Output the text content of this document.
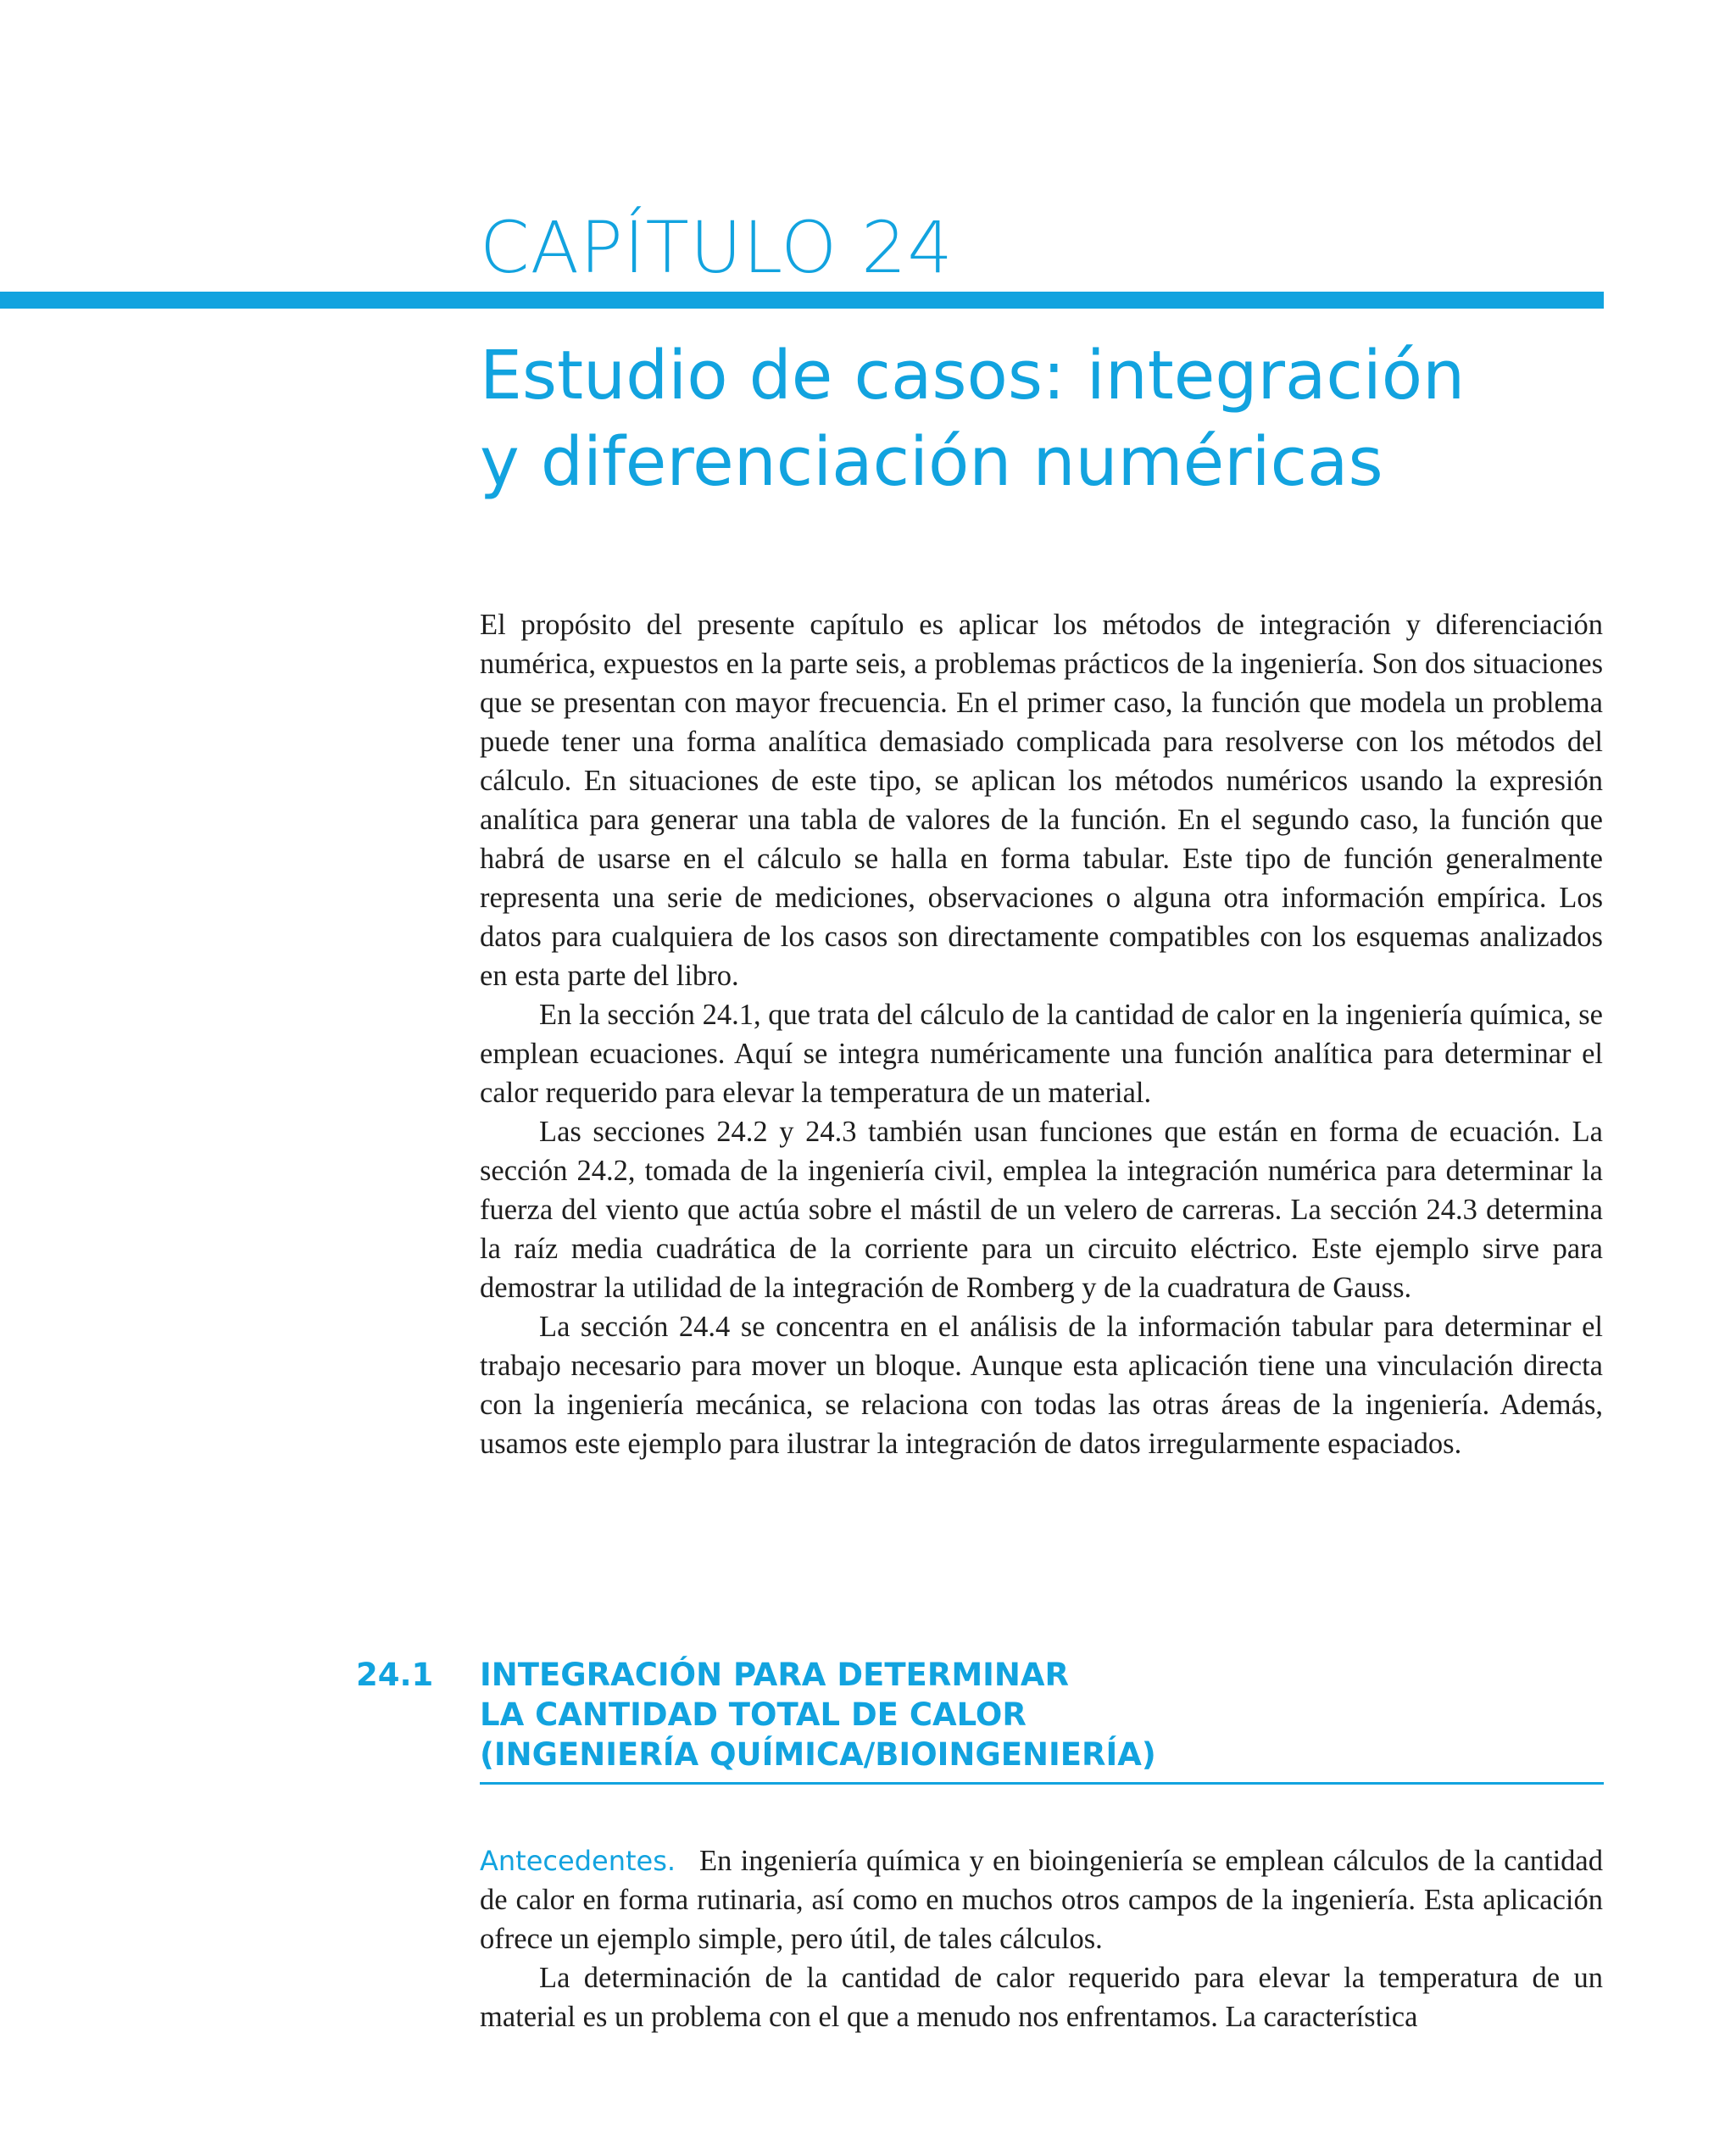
CAPÍTULO 24
Estudio de casos: integración
y diferenciación numéricas

El propósito del presente capítulo es aplicar los métodos de integración y diferenciación numérica, expuestos en la parte seis, a problemas prácticos de la ingeniería. Son dos situaciones que se presentan con mayor frecuencia. En el primer caso, la función que modela un problema puede tener una forma analítica demasiado complicada para resolverse con los métodos del cálculo. En situaciones de este tipo, se aplican los métodos numéricos usando la expresión analítica para generar una tabla de valores de la función. En el segundo caso, la función que habrá de usarse en el cálculo se halla en forma tabular. Este tipo de función generalmente representa una serie de mediciones, observaciones o alguna otra información empírica. Los datos para cualquiera de los casos son directamente compatibles con los esquemas analizados en esta parte del libro.

En la sección 24.1, que trata del cálculo de la cantidad de calor en la ingeniería química, se emplean ecuaciones. Aquí se integra numéricamente una función analítica para determinar el calor requerido para elevar la temperatura de un material.

Las secciones 24.2 y 24.3 también usan funciones que están en forma de ecuación. La sección 24.2, tomada de la ingeniería civil, emplea la integración numérica para determinar la fuerza del viento que actúa sobre el mástil de un velero de carreras. La sección 24.3 determina la raíz media cuadrática de la corriente para un circuito eléctrico. Este ejemplo sirve para demostrar la utilidad de la integración de Romberg y de la cuadratura de Gauss.

La sección 24.4 se concentra en el análisis de la información tabular para determinar el trabajo necesario para mover un bloque. Aunque esta aplicación tiene una vinculación directa con la ingeniería mecánica, se relaciona con todas las otras áreas de la ingeniería. Además, usamos este ejemplo para ilustrar la integración de datos irregularmente espaciados.

24.1 INTEGRACIÓN PARA DETERMINAR
LA CANTIDAD TOTAL DE CALOR
(INGENIERÍA QUÍMICA/BIOINGENIERÍA)

Antecedentes. En ingeniería química y en bioingeniería se emplean cálculos de la cantidad de calor en forma rutinaria, así como en muchos otros campos de la ingeniería. Esta aplicación ofrece un ejemplo simple, pero útil, de tales cálculos.

La determinación de la cantidad de calor requerido para elevar la temperatura de un material es un problema con el que a menudo nos enfrentamos. La característica
